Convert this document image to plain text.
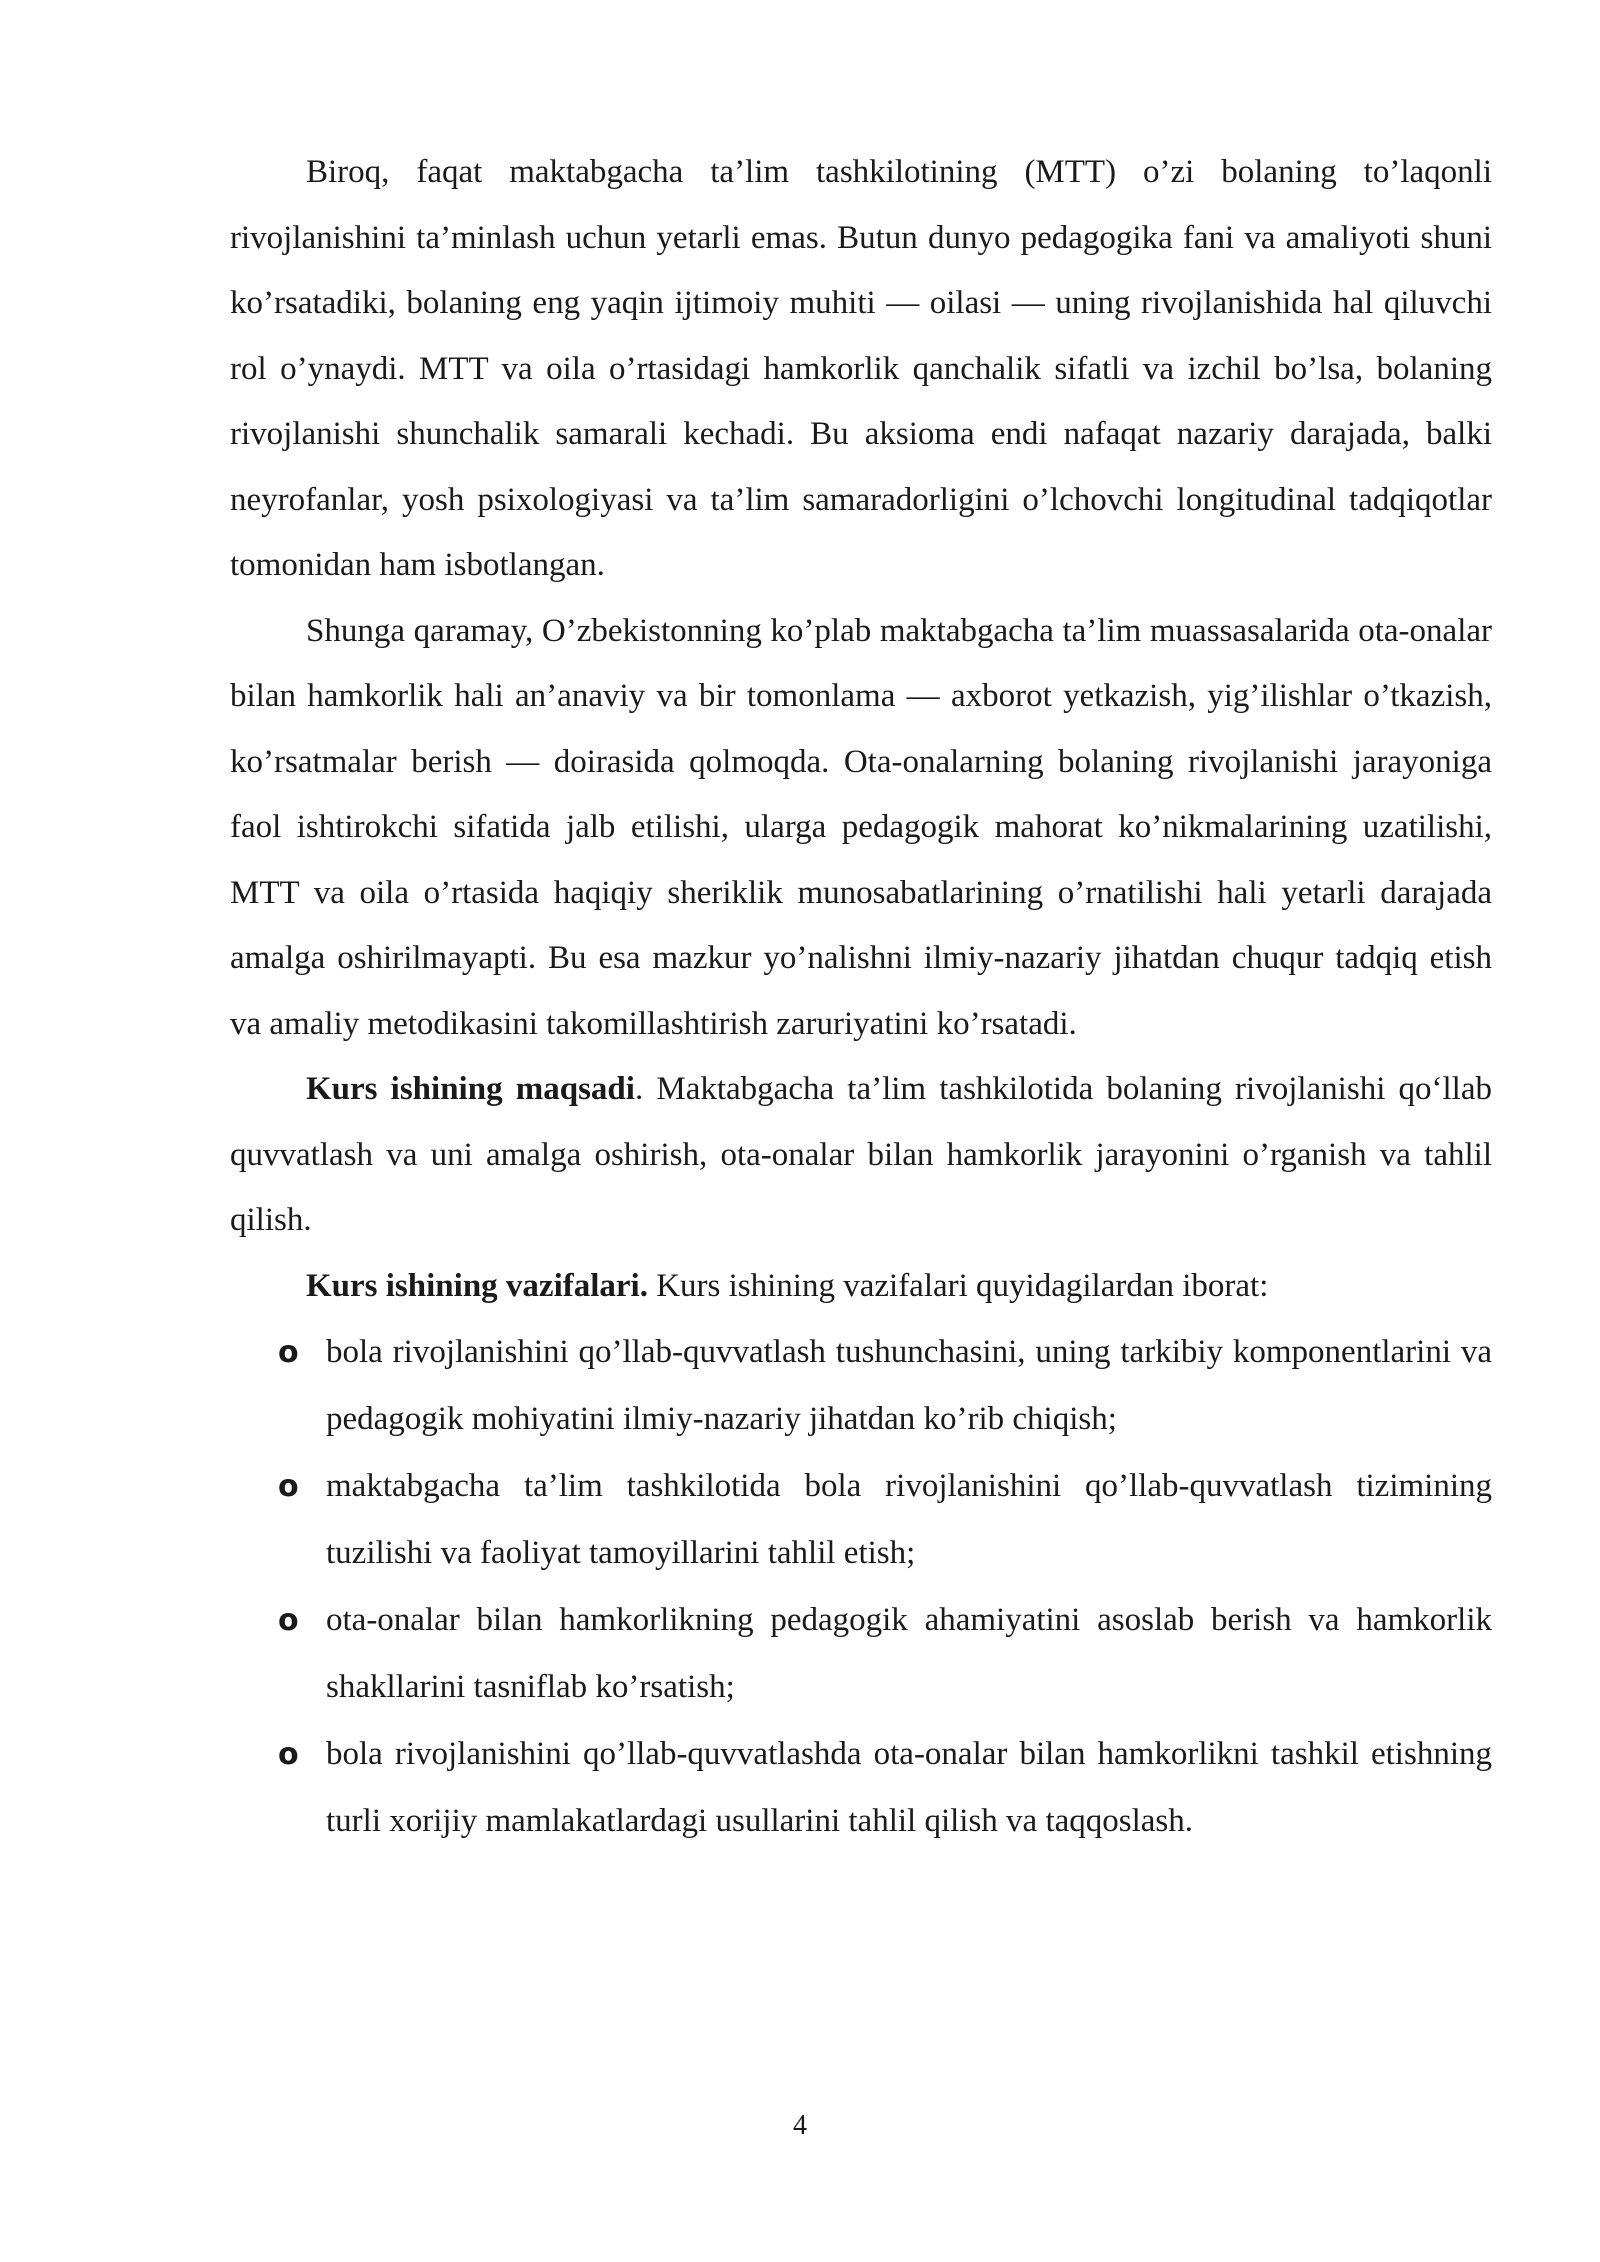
Biroq, faqat maktabgacha ta’lim tashkilotining (MTT) o’zi bolaning to’laqonli rivojlanishini ta’minlash uchun yetarli emas. Butun dunyo pedagogika fani va amaliyoti shuni ko’rsatadiki, bolaning eng yaqin ijtimoiy muhiti — oilasi — uning rivojlanishida hal qiluvchi rol o’ynaydi. MTT va oila o’rtasidagi hamkorlik qanchalik sifatli va izchil bo’lsa, bolaning rivojlanishi shunchalik samarali kechadi. Bu aksioma endi nafaqat nazariy darajada, balki neyrofanlar, yosh psixologiyasi va ta’lim samaradorligini o’lchovchi longitudinal tadqiqotlar tomonidan ham isbotlangan.

Shunga qaramay, O’zbekistonning ko’plab maktabgacha ta’lim muassasalarida ota-onalar bilan hamkorlik hali an’anaviy va bir tomonlama — axborot yetkazish, yig’ilishlar o’tkazish, ko’rsatmalar berish — doirasida qolmoqda. Ota-onalarning bolaning rivojlanishi jarayoniga faol ishtirokchi sifatida jalb etilishi, ularga pedagogik mahorat ko’nikmalarining uzatilishi, MTT va oila o’rtasida haqiqiy sheriklik munosabatlarining o’rnatilishi hali yetarli darajada amalga oshirilmayapti. Bu esa mazkur yo’nalishni ilmiy-nazariy jihatdan chuqur tadqiq etish va amaliy metodikasini takomillashtirish zaruriyatini ko’rsatadi.

Kurs ishining maqsadi. Maktabgacha ta’lim tashkilotida bolaning rivojlanishi qo‘llab quvvatlash va uni amalga oshirish, ota-onalar bilan hamkorlik jarayonini o’rganish va tahlil qilish.

Kurs ishining vazifalari. Kurs ishining vazifalari quyidagilardan iborat:

o bola rivojlanishini qo’llab-quvvatlash tushunchasini, uning tarkibiy komponentlarini va pedagogik mohiyatini ilmiy-nazariy jihatdan ko’rib chiqish;
o maktabgacha ta’lim tashkilotida bola rivojlanishini qo’llab-quvvatlash tizimining tuzilishi va faoliyat tamoyillarini tahlil etish;
o ota-onalar bilan hamkorlikning pedagogik ahamiyatini asoslab berish va hamkorlik shakllarini tasniflab ko’rsatish;
o bola rivojlanishini qo’llab-quvvatlashda ota-onalar bilan hamkorlikni tashkil etishning turli xorijiy mamlakatlardagi usullarini tahlil qilish va taqqoslash.
4
